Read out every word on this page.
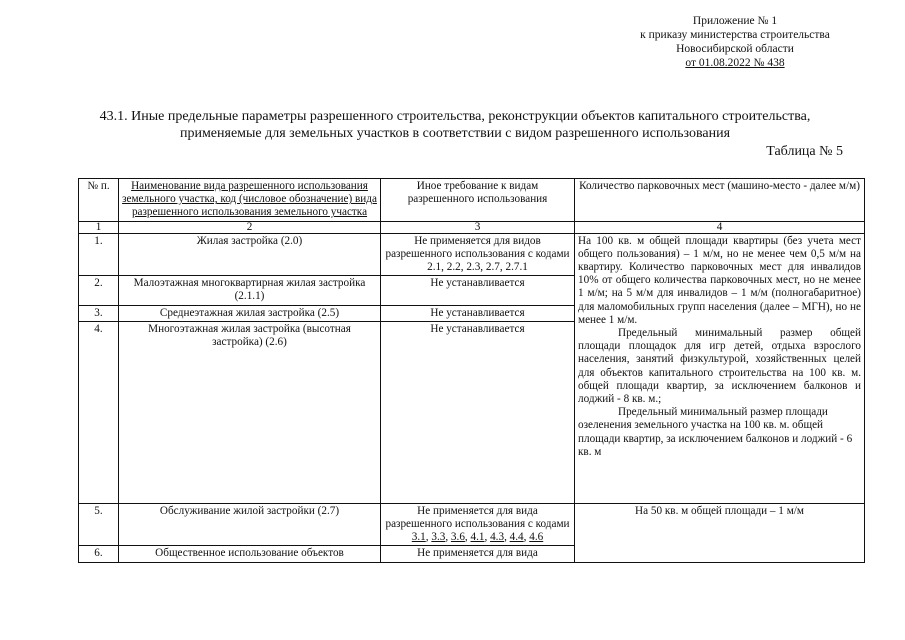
Приложение № 1
к приказу министерства строительства
Новосибирской области
от 01.08.2022 № 438
43.1. Иные предельные параметры разрешенного строительства, реконструкции объектов капитального строительства,
применяемые для земельных участков в соответствии с видом разрешенного использования
Таблица № 5
№ п.	Наименование вида разрешенного использования земельного участка, код (числовое обозначение) вида разрешенного использования земельного участка	Иное требование к видам разрешенного использования	Количество парковочных мест (машино-место - далее м/м)
1	2	3	4
1.	Жилая застройка (2.0)	Не применяется для видов разрешенного использования с кодами 2.1, 2.2, 2.3, 2.7, 2.7.1	На 100 кв. м общей площади квартиры (без учета мест общего пользования) – 1 м/м, но не менее чем 0,5 м/м на квартиру. Количество парковочных мест для инвалидов 10% от общего количества парковочных мест, но не менее 1 м/м; на 5 м/м для инвалидов – 1 м/м (полногабаритное) для маломобильных групп населения (далее – МГН), но не менее 1 м/м.

Предельный минимальный размер общей площади площадок для игр детей, отдыха взрослого населения, занятий физкультурой, хозяйственных целей для объектов капитального строительства на 100 кв. м. общей площади квартир, за исключением балконов и лоджий - 8 кв. м.;

Предельный минимальный размер площади озеленения земельного участка на 100 кв. м. общей площади квартир, за исключением балконов и лоджий - 6 кв. м

2.	Малоэтажная многоквартирная жилая застройка (2.1.1)	Не устанавливается	
3.	Среднеэтажная жилая застройка (2.5)	Не устанавливается	
4.	Многоэтажная жилая застройка (высотная застройка) (2.6)	Не устанавливается	
5.	Обслуживание жилой застройки (2.7)	Не применяется для вида разрешенного использования с кодами 3.1, 3.3, 3.6, 4.1, 4.3, 4.4, 4.6	На 50 кв. м общей площади – 1 м/м
6.	Общественное использование объектов	Не применяется для вида	
